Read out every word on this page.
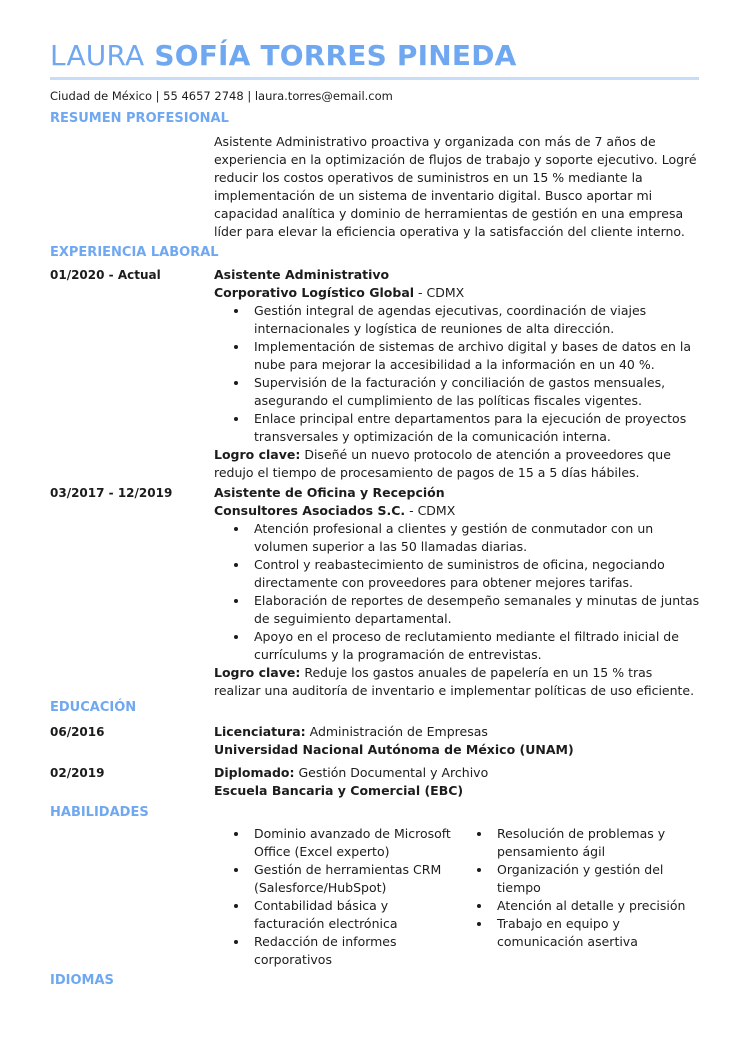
LAURA SOFÍA TORRES PINEDA
Ciudad de México | 55 4657 2748 | laura.torres@email.com
RESUMEN PROFESIONAL
Asistente Administrativo proactiva y organizada con más de 7 años de experiencia en la optimización de flujos de trabajo y soporte ejecutivo. Logré reducir los costos operativos de suministros en un 15 % mediante la implementación de un sistema de inventario digital. Busco aportar mi capacidad analítica y dominio de herramientas de gestión en una empresa líder para elevar la eficiencia operativa y la satisfacción del cliente interno.
EXPERIENCIA LABORAL
01/2020 - Actual	Asistente Administrativo
Corporativo Logístico Global - CDMX
Gestión integral de agendas ejecutivas, coordinación de viajes internacionales y logística de reuniones de alta dirección.
Implementación de sistemas de archivo digital y bases de datos en la nube para mejorar la accesibilidad a la información en un 40 %.
Supervisión de la facturación y conciliación de gastos mensuales, asegurando el cumplimiento de las políticas fiscales vigentes.
Enlace principal entre departamentos para la ejecución de proyectos transversales y optimización de la comunicación interna.
Logro clave: Diseñé un nuevo protocolo de atención a proveedores que redujo el tiempo de procesamiento de pagos de 15 a 5 días hábiles.
03/2017 - 12/2019	Asistente de Oficina y Recepción
Consultores Asociados S.C. - CDMX
Atención profesional a clientes y gestión de conmutador con un volumen superior a las 50 llamadas diarias.
Control y reabastecimiento de suministros de oficina, negociando directamente con proveedores para obtener mejores tarifas.
Elaboración de reportes de desempeño semanales y minutas de juntas de seguimiento departamental.
Apoyo en el proceso de reclutamiento mediante el filtrado inicial de currículums y la programación de entrevistas.
Logro clave: Reduje los gastos anuales de papelería en un 15 % tras realizar una auditoría de inventario e implementar políticas de uso eficiente.
EDUCACIÓN
06/2016	Licenciatura: Administración de Empresas
Universidad Nacional Autónoma de México (UNAM)
02/2019	Diplomado: Gestión Documental y Archivo
Escuela Bancaria y Comercial (EBC)
HABILIDADES
Dominio avanzado de Microsoft Office (Excel experto)
Gestión de herramientas CRM (Salesforce/HubSpot)
Contabilidad básica y facturación electrónica
Redacción de informes corporativos
Resolución de problemas y pensamiento ágil
Organización y gestión del tiempo
Atención al detalle y precisión
Trabajo en equipo y comunicación asertiva
IDIOMAS
